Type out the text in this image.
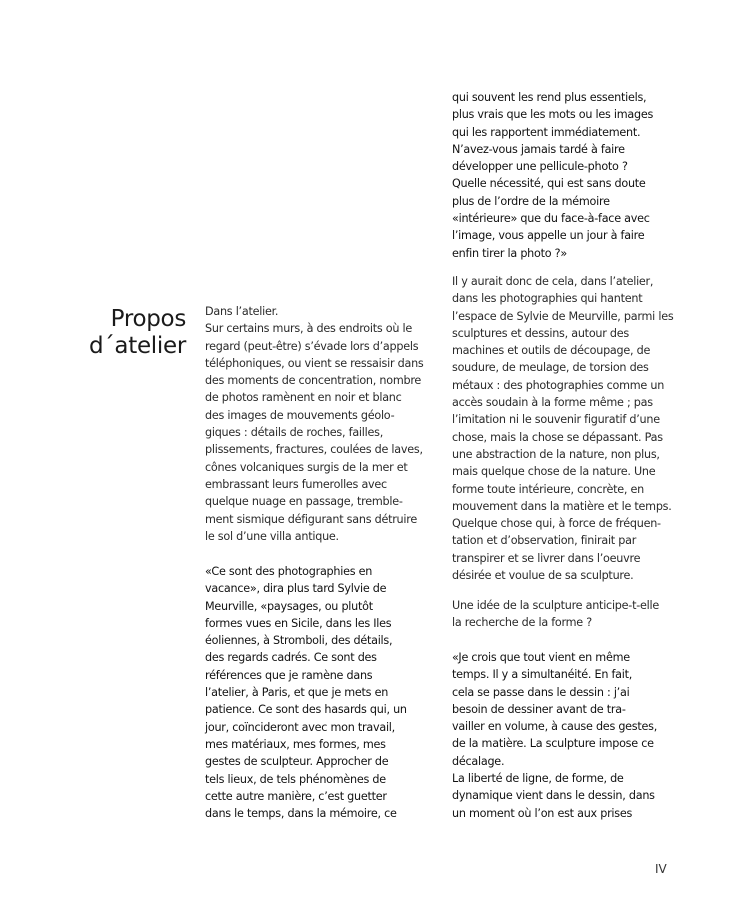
Propos
d´atelier
Dans l’atelier.
Sur certains murs, à des endroits où le
regard (peut-être) s’évade lors d’appels
téléphoniques, ou vient se ressaisir dans
des moments de concentration, nombre
de photos ramènent en noir et blanc
des images de mouvements géolo-
giques : détails de roches, failles,
plissements, fractures, coulées de laves,
cônes volcaniques surgis de la mer et
embrassant leurs fumerolles avec
quelque nuage en passage, tremble-
ment sismique défigurant sans détruire
le sol d’une villa antique.
«Ce sont des photographies en
vacance», dira plus tard Sylvie de
Meurville, «paysages, ou plutôt
formes vues en Sicile, dans les Iles
éoliennes, à Stromboli, des détails,
des regards cadrés. Ce sont des
références que je ramène dans
l’atelier, à Paris, et que je mets en
patience. Ce sont des hasards qui, un
jour, coïncideront avec mon travail,
mes matériaux, mes formes, mes
gestes de sculpteur. Approcher de
tels lieux, de tels phénomènes de
cette autre manière, c’est guetter
dans le temps, dans la mémoire, ce
qui souvent les rend plus essentiels,
plus vrais que les mots ou les images
qui les rapportent immédiatement.
N’avez-vous jamais tardé à faire
développer une pellicule-photo ?
Quelle nécessité, qui est sans doute
plus de l’ordre de la mémoire
«intérieure» que du face-à-face avec
l’image, vous appelle un jour à faire
enfin tirer la photo ?»
Il y aurait donc de cela, dans l’atelier,
dans les photographies qui hantent
l’espace de Sylvie de Meurville, parmi les
sculptures et dessins, autour des
machines et outils de découpage, de
soudure, de meulage, de torsion des
métaux : des photographies comme un
accès soudain à la forme même ; pas
l’imitation ni le souvenir figuratif d’une
chose, mais la chose se dépassant. Pas
une abstraction de la nature, non plus,
mais quelque chose de la nature. Une
forme toute intérieure, concrète, en
mouvement dans la matière et le temps.
Quelque chose qui, à force de fréquen-
tation et d’observation, finirait par
transpirer et se livrer dans l’oeuvre
désirée et voulue de sa sculpture.
Une idée de la sculpture anticipe-t-elle
la recherche de la forme ?
«Je crois que tout vient en même
temps. Il y a simultanéité. En fait,
cela se passe dans le dessin : j’ai
besoin de dessiner avant de tra-
vailler en volume, à cause des gestes,
de la matière. La sculpture impose ce
décalage.
La liberté de ligne, de forme, de
dynamique vient dans le dessin, dans
un moment où l’on est aux prises
IV
